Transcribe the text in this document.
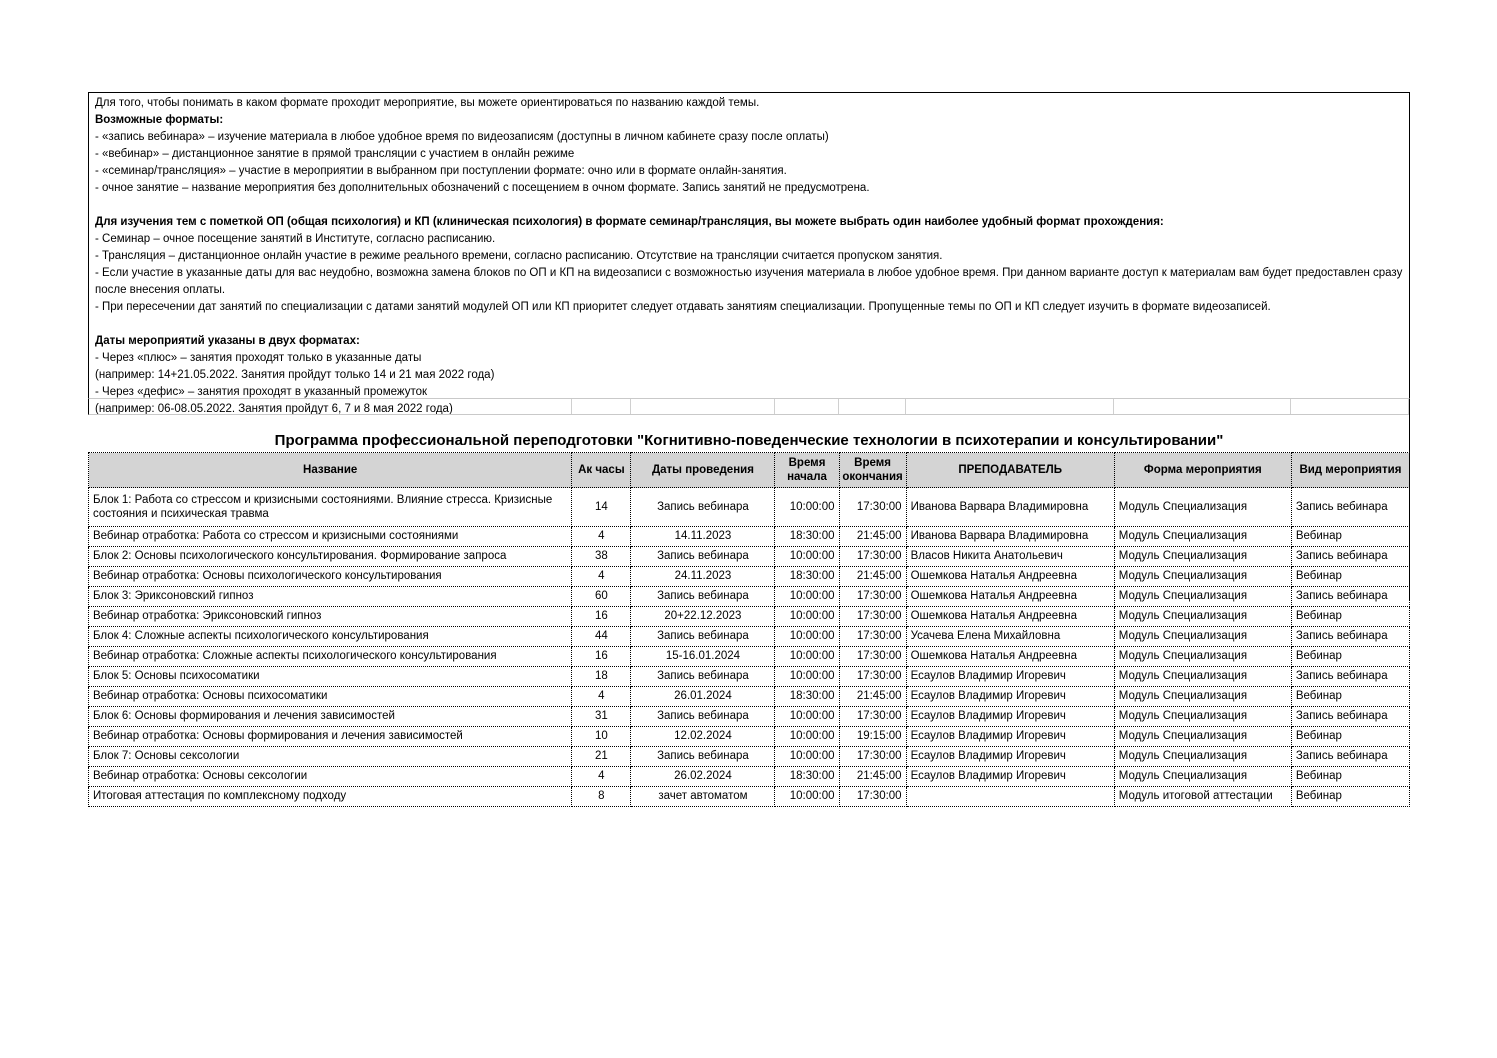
Для того, чтобы понимать в каком формате проходит мероприятие, вы можете ориентироваться по названию каждой темы.
Возможные форматы:
- «запись вебинара» – изучение материала в любое удобное время по видеозаписям (доступны в личном кабинете сразу после оплаты)
- «вебинар» – дистанционное занятие в прямой трансляции с участием в онлайн режиме
- «семинар/трансляция» – участие в мероприятии в выбранном при поступлении формате: очно или в формате онлайн-занятия.
- очное занятие – название мероприятия без дополнительных обозначений с посещением в очном формате. Запись занятий не предусмотрена.

Для изучения тем с пометкой ОП (общая психология) и КП (клиническая психология) в формате семинар/трансляция, вы можете выбрать один наиболее удобный формат прохождения:
- Семинар – очное посещение занятий в Институте, согласно расписанию.
- Трансляция – дистанционное онлайн участие в режиме реального времени, согласно расписанию. Отсутствие на трансляции считается пропуском занятия.
- Если участие в указанные даты для вас неудобно, возможна замена блоков по ОП и КП на видеозаписи с возможностью изучения материала в любое удобное время. При данном варианте доступ к материалам вам будет предоставлен сразу после внесения оплаты.
- При пересечении дат занятий по специализации с датами занятий модулей ОП или КП приоритет следует отдавать занятиям специализации. Пропущенные темы по ОП и КП следует изучить в формате видеозаписей.

Даты мероприятий указаны в двух форматах:
- Через «плюс» – занятия проходят только в указанные даты
(например: 14+21.05.2022. Занятия пройдут только 14 и 21 мая 2022 года)
- Через «дефис» – занятия проходят в указанный промежуток
(например: 06-08.05.2022. Занятия пройдут 6, 7 и 8 мая 2022 года)
Программа профессиональной переподготовки "Когнитивно-поведенческие технологии в психотерапии и консультировании"
Название	Ак часы	Даты проведения	Время начала	Время окончания	ПРЕПОДАВАТЕЛЬ	Форма мероприятия	Вид мероприятия
Блок 1: Работа со стрессом и кризисными состояниями. Влияние стресса. Кризисные состояния и психическая травма	14	Запись вебинара	10:00:00	17:30:00	Иванова Варвара Владимировна	Модуль Специализация	Запись вебинара
Вебинар отработка: Работа со стрессом и кризисными состояниями	4	14.11.2023	18:30:00	21:45:00	Иванова Варвара Владимировна	Модуль Специализация	Вебинар
Блок 2: Основы психологического консультирования. Формирование запроса	38	Запись вебинара	10:00:00	17:30:00	Власов Никита Анатольевич	Модуль Специализация	Запись вебинара
Вебинар отработка: Основы психологического консультирования	4	24.11.2023	18:30:00	21:45:00	Ошемкова Наталья Андреевна	Модуль Специализация	Вебинар
Блок 3: Эриксоновский гипноз	60	Запись вебинара	10:00:00	17:30:00	Ошемкова Наталья Андреевна	Модуль Специализация	Запись вебинара
Вебинар отработка: Эриксоновский гипноз	16	20+22.12.2023	10:00:00	17:30:00	Ошемкова Наталья Андреевна	Модуль Специализация	Вебинар
Блок 4: Сложные аспекты психологического консультирования	44	Запись вебинара	10:00:00	17:30:00	Усачева Елена Михайловна	Модуль Специализация	Запись вебинара
Вебинар отработка: Сложные аспекты психологического консультирования	16	15-16.01.2024	10:00:00	17:30:00	Ошемкова Наталья Андреевна	Модуль Специализация	Вебинар
Блок 5: Основы психосоматики	18	Запись вебинара	10:00:00	17:30:00	Есаулов Владимир Игоревич	Модуль Специализация	Запись вебинара
Вебинар отработка: Основы психосоматики	4	26.01.2024	18:30:00	21:45:00	Есаулов Владимир Игоревич	Модуль Специализация	Вебинар
Блок 6: Основы формирования и лечения зависимостей	31	Запись вебинара	10:00:00	17:30:00	Есаулов Владимир Игоревич	Модуль Специализация	Запись вебинара
Вебинар отработка: Основы формирования и лечения зависимостей	10	12.02.2024	10:00:00	19:15:00	Есаулов Владимир Игоревич	Модуль Специализация	Вебинар
Блок 7: Основы сексологии	21	Запись вебинара	10:00:00	17:30:00	Есаулов Владимир Игоревич	Модуль Специализация	Запись вебинара
Вебинар отработка: Основы сексологии	4	26.02.2024	18:30:00	21:45:00	Есаулов Владимир Игоревич	Модуль Специализация	Вебинар
Итоговая аттестация по комплексному подходу	8	зачет автоматом	10:00:00	17:30:00		Модуль итоговой аттестации	Вебинар
